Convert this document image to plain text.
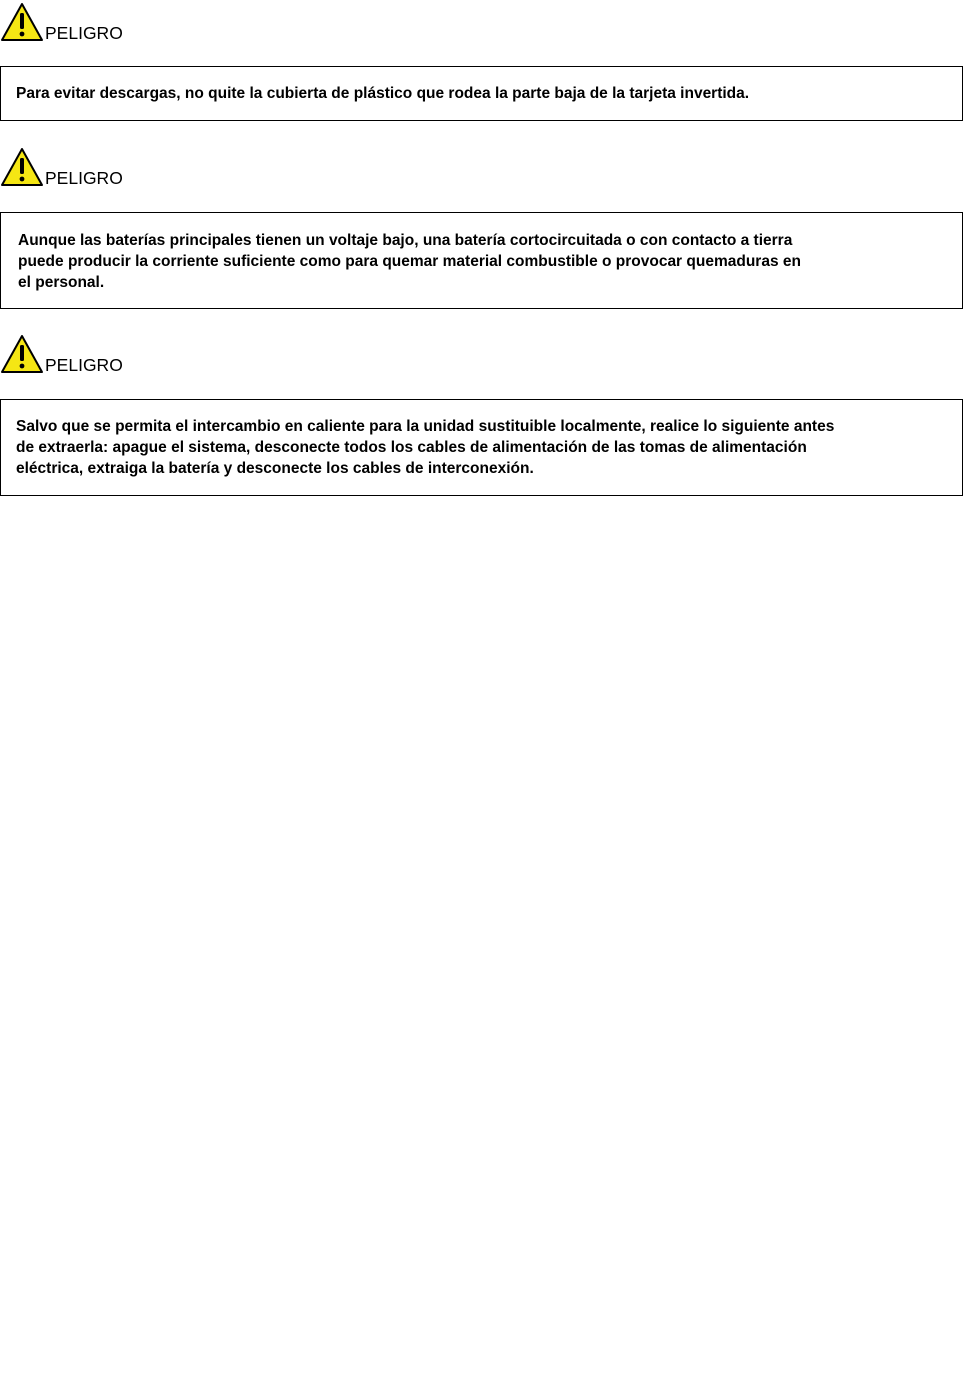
PELIGRO

Para evitar descargas, no quite la cubierta de plástico que rodea la parte baja de la tarjeta invertida.

PELIGRO

Aunque las baterías principales tienen un voltaje bajo, una batería cortocircuitada o con contacto a tierra
puede producir la corriente suficiente como para quemar material combustible o provocar quemaduras en
el personal.

PELIGRO

Salvo que se permita el intercambio en caliente para la unidad sustituible localmente, realice lo siguiente antes
de extraerla: apague el sistema, desconecte todos los cables de alimentación de las tomas de alimentación
eléctrica, extraiga la batería y desconecte los cables de interconexión.
